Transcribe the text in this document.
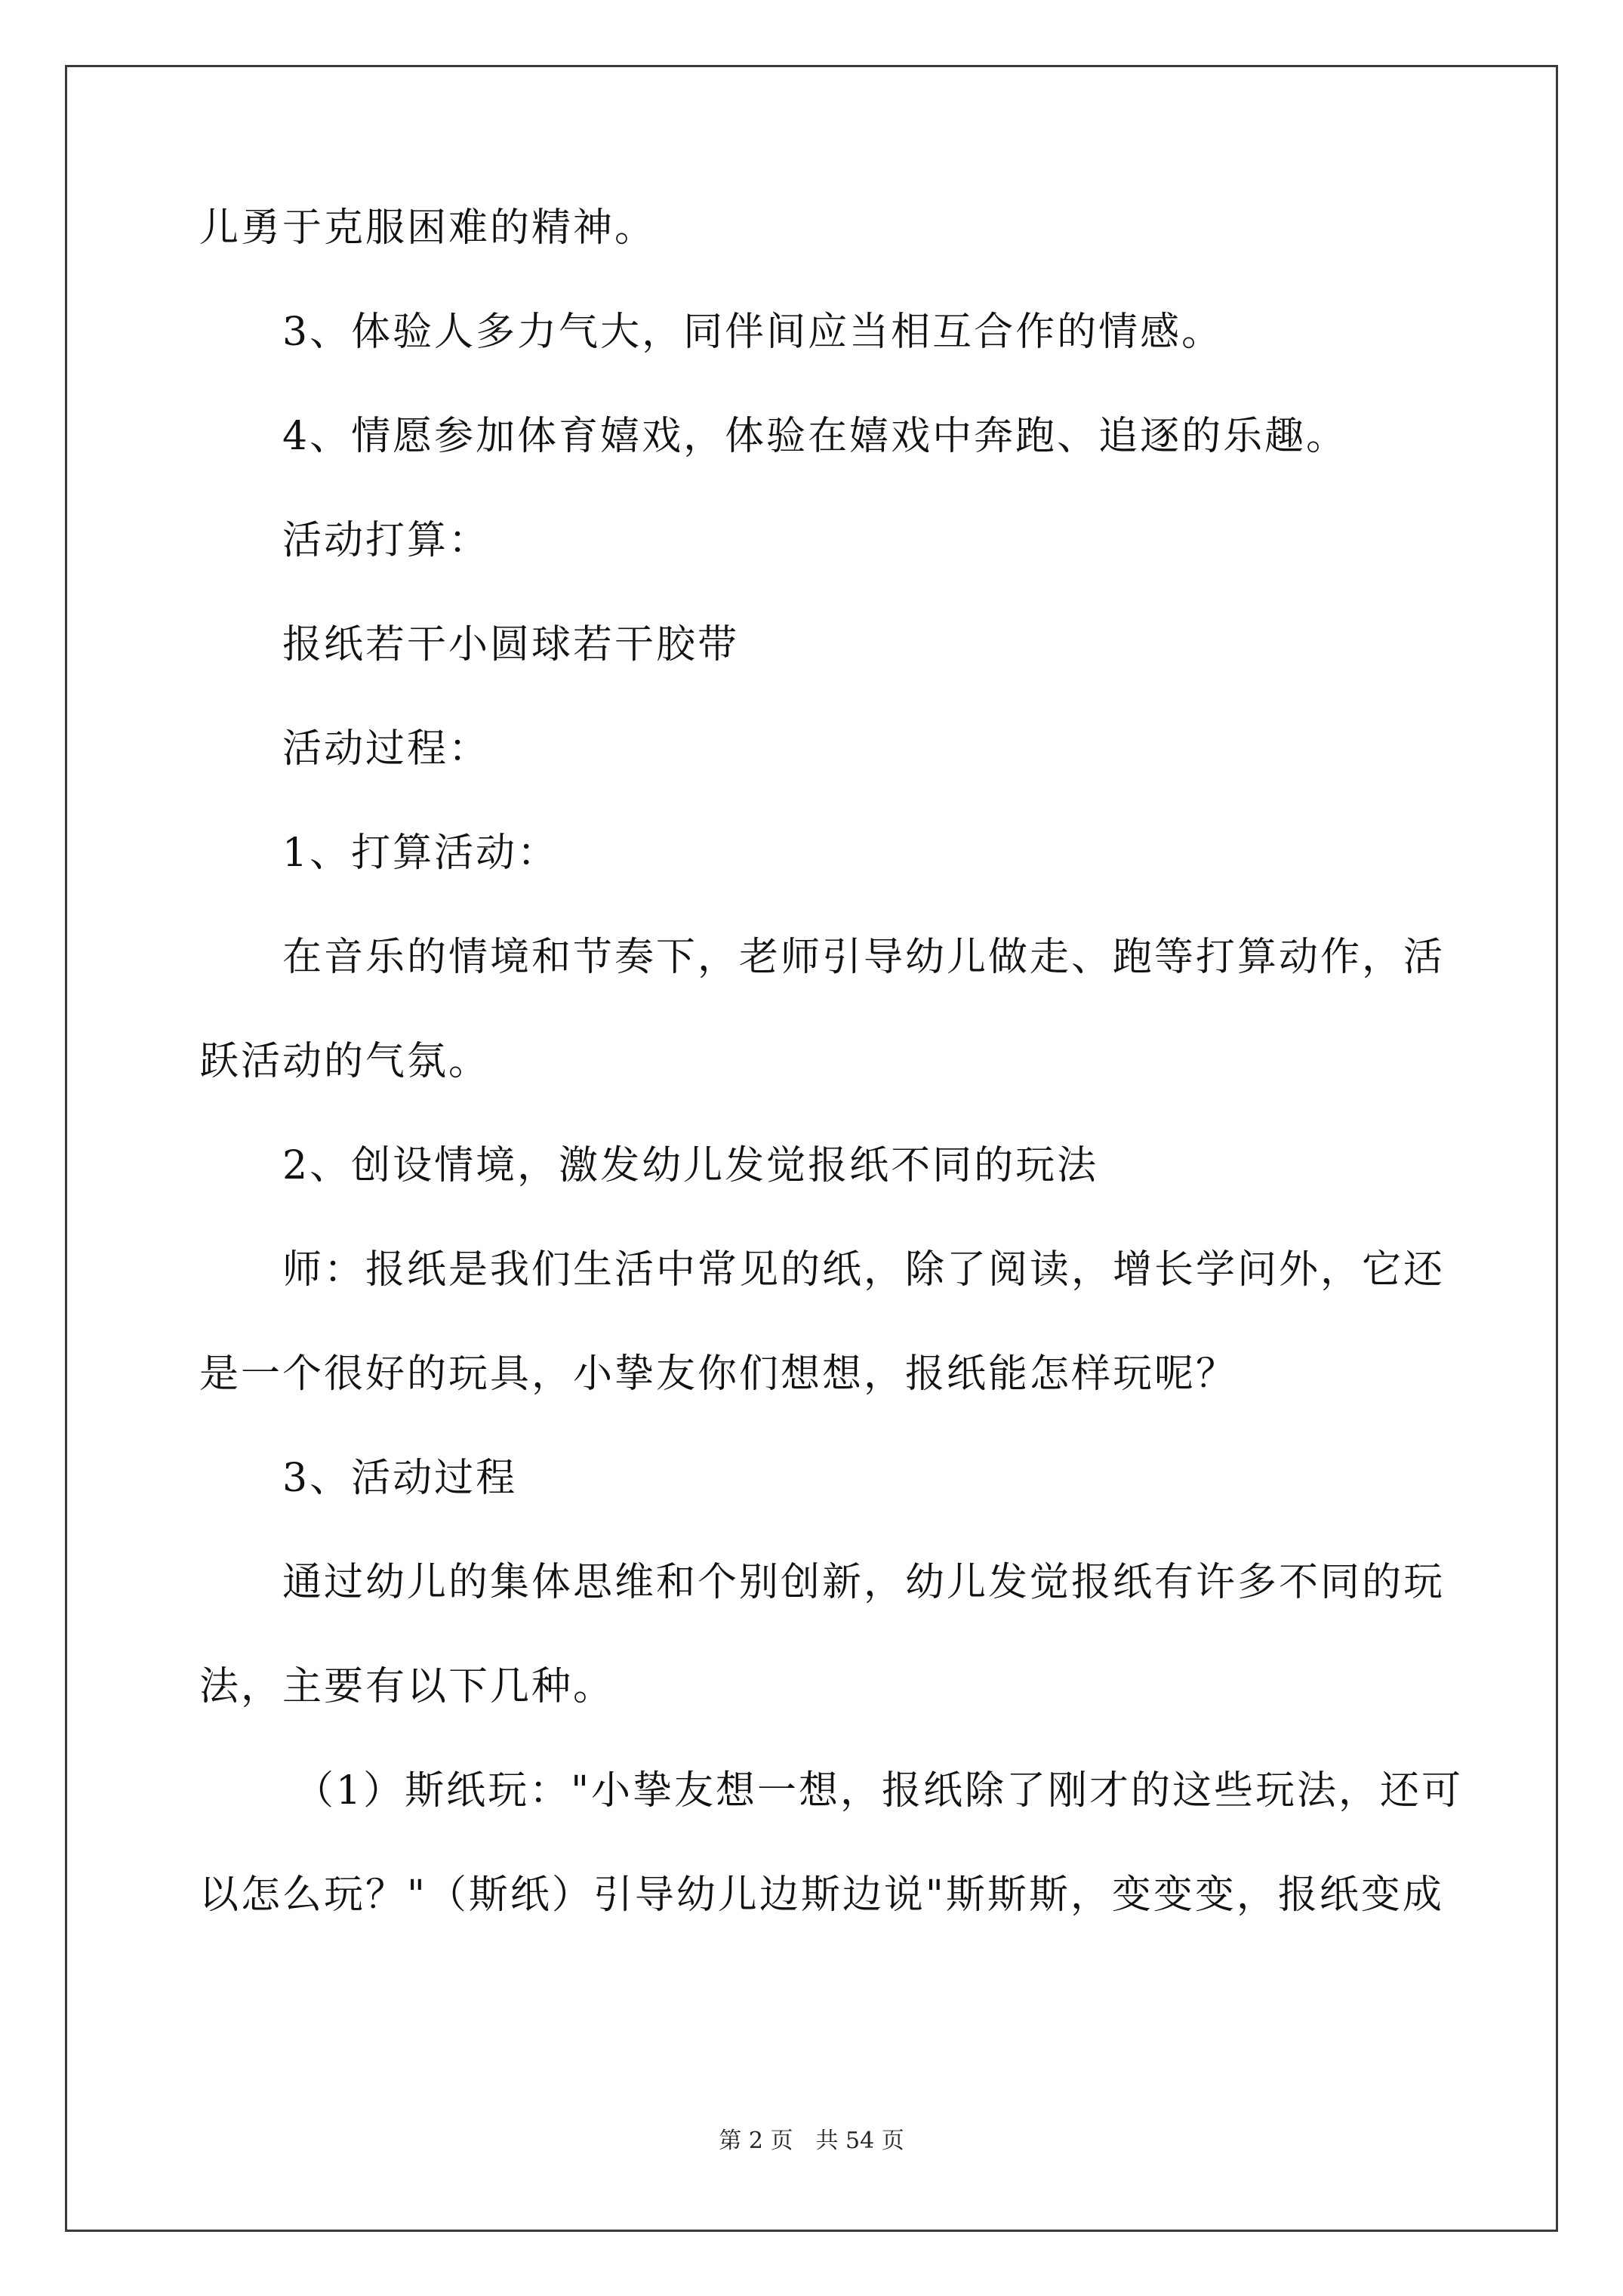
儿勇于克服困难的精神。
3、体验人多力气大，同伴间应当相互合作的情感。
4、情愿参加体育嬉戏，体验在嬉戏中奔跑、追逐的乐趣。
活动打算：
报纸若干小圆球若干胶带
活动过程：
1、打算活动：
在音乐的情境和节奏下，老师引导幼儿做走、跑等打算动作，活
跃活动的气氛。
2、创设情境，激发幼儿发觉报纸不同的玩法
师：报纸是我们生活中常见的纸，除了阅读，增长学问外，它还
是一个很好的玩具，小挚友你们想想，报纸能怎样玩呢？
3、活动过程
通过幼儿的集体思维和个别创新，幼儿发觉报纸有许多不同的玩
法，主要有以下几种。
（1）斯纸玩："小挚友想一想，报纸除了刚才的这些玩法，还可
以怎么玩？"（斯纸）引导幼儿边斯边说"斯斯斯，变变变，报纸变成
第 2 页　共 54 页
